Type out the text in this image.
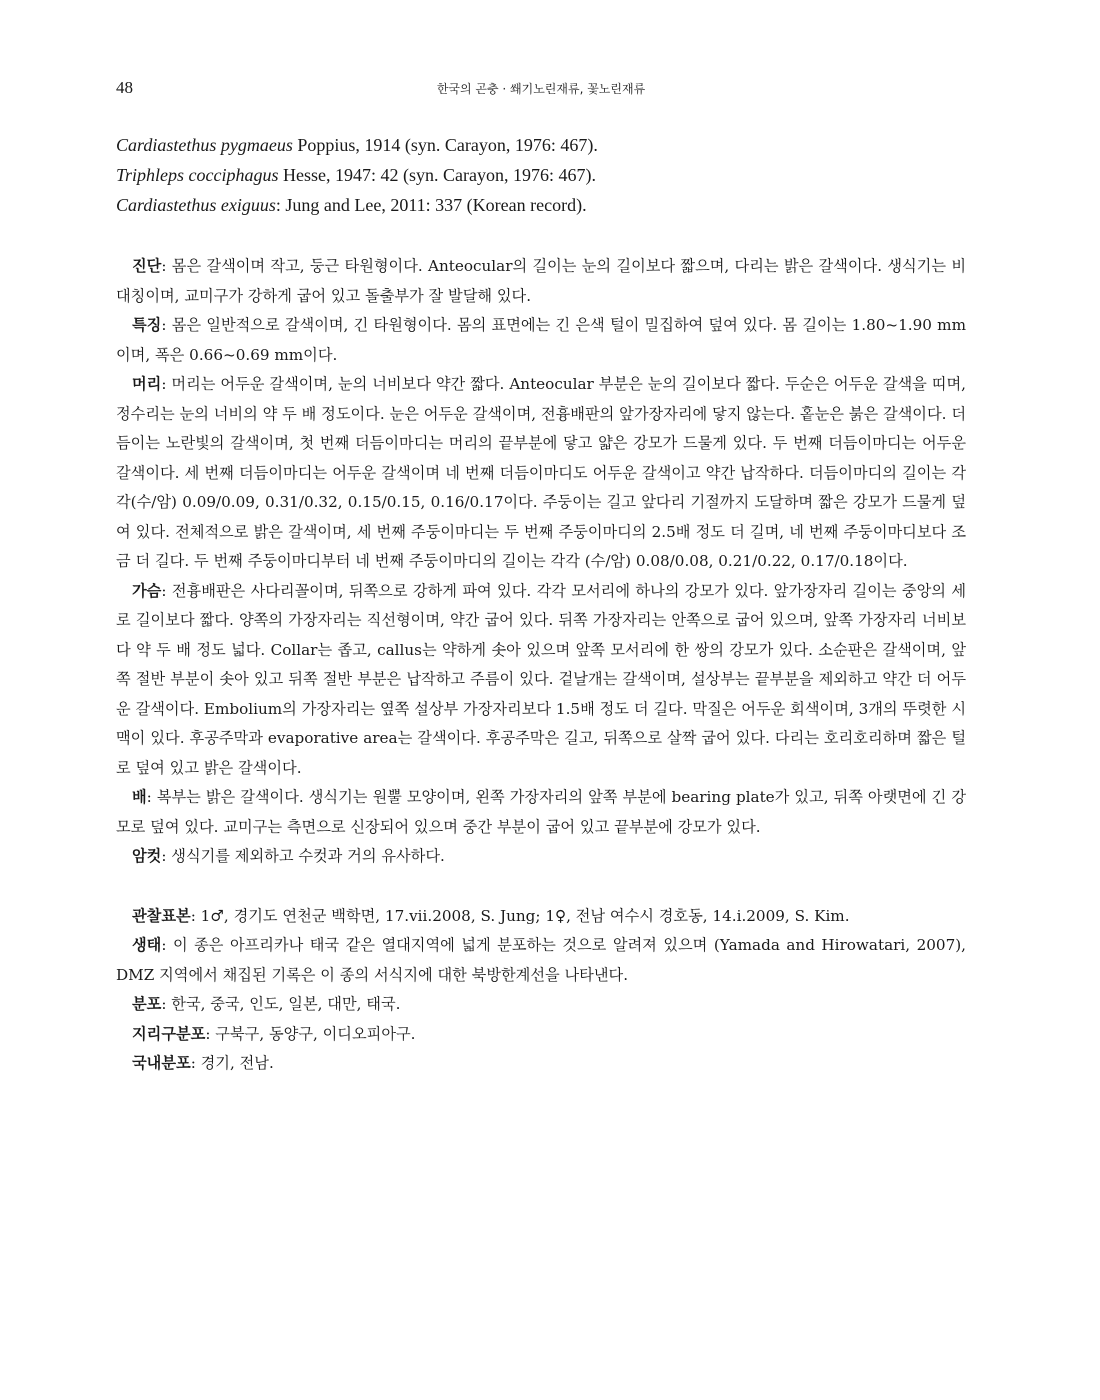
48	한국의 곤충 · 쐐기노린재류, 꽃노린재류
Cardiastethus pygmaeus Poppius, 1914 (syn. Carayon, 1976: 467).
Triphleps cocciphagus Hesse, 1947: 42 (syn. Carayon, 1976: 467).
Cardiastethus exiguus: Jung and Lee, 2011: 337 (Korean record).

진단: 몸은 갈색이며 작고, 둥근 타원형이다. Anteocular의 길이는 눈의 길이보다 짧으며, 다리는 밝은 갈색이다. 생식기는 비대칭이며, 교미구가 강하게 굽어 있고 돌출부가 잘 발달해 있다.

특징: 몸은 일반적으로 갈색이며, 긴 타원형이다. 몸의 표면에는 긴 은색 털이 밀집하여 덮여 있다. 몸 길이는 1.80~1.90 mm이며, 폭은 0.66~0.69 mm이다.

머리: 머리는 어두운 갈색이며, 눈의 너비보다 약간 짧다. Anteocular 부분은 눈의 길이보다 짧다. 두순은 어두운 갈색을 띠며, 정수리는 눈의 너비의 약 두 배 정도이다. 눈은 어두운 갈색이며, 전흉배판의 앞가장자리에 닿지 않는다. 홑눈은 붉은 갈색이다. 더듬이는 노란빛의 갈색이며, 첫 번째 더듬이마디는 머리의 끝부분에 닿고 얇은 강모가 드물게 있다. 두 번째 더듬이마디는 어두운 갈색이다. 세 번째 더듬이마디는 어두운 갈색이며 네 번째 더듬이마디도 어두운 갈색이고 약간 납작하다. 더듬이마디의 길이는 각각(수/암) 0.09/0.09, 0.31/0.32, 0.15/0.15, 0.16/0.17이다. 주둥이는 길고 앞다리 기절까지 도달하며 짧은 강모가 드물게 덮여 있다. 전체적으로 밝은 갈색이며, 세 번째 주둥이마디는 두 번째 주둥이마디의 2.5배 정도 더 길며, 네 번째 주둥이마디보다 조금 더 길다. 두 번째 주둥이마디부터 네 번째 주둥이마디의 길이는 각각 (수/암) 0.08/0.08, 0.21/0.22, 0.17/0.18이다.

가슴: 전흉배판은 사다리꼴이며, 뒤쪽으로 강하게 파여 있다. 각각 모서리에 하나의 강모가 있다. 앞가장자리 길이는 중앙의 세로 길이보다 짧다. 양쪽의 가장자리는 직선형이며, 약간 굽어 있다. 뒤쪽 가장자리는 안쪽으로 굽어 있으며, 앞쪽 가장자리 너비보다 약 두 배 정도 넓다. Collar는 좁고, callus는 약하게 솟아 있으며 앞쪽 모서리에 한 쌍의 강모가 있다. 소순판은 갈색이며, 앞쪽 절반 부분이 솟아 있고 뒤쪽 절반 부분은 납작하고 주름이 있다. 겉날개는 갈색이며, 설상부는 끝부분을 제외하고 약간 더 어두운 갈색이다. Embolium의 가장자리는 옆쪽 설상부 가장자리보다 1.5배 정도 더 길다. 막질은 어두운 회색이며, 3개의 뚜렷한 시맥이 있다. 후공주막과 evaporative area는 갈색이다. 후공주막은 길고, 뒤쪽으로 살짝 굽어 있다. 다리는 호리호리하며 짧은 털로 덮여 있고 밝은 갈색이다.

배: 복부는 밝은 갈색이다. 생식기는 원뿔 모양이며, 왼쪽 가장자리의 앞쪽 부분에 bearing plate가 있고, 뒤쪽 아랫면에 긴 강모로 덮여 있다. 교미구는 측면으로 신장되어 있으며 중간 부분이 굽어 있고 끝부분에 강모가 있다.

암컷: 생식기를 제외하고 수컷과 거의 유사하다.

관찰표본: 1♂, 경기도 연천군 백학면, 17.vii.2008, S. Jung; 1♀, 전남 여수시 경호동, 14.i.2009, S. Kim.

생태: 이 종은 아프리카나 태국 같은 열대지역에 넓게 분포하는 것으로 알려져 있으며 (Yamada and Hirowatari, 2007), DMZ 지역에서 채집된 기록은 이 종의 서식지에 대한 북방한계선을 나타낸다.

분포: 한국, 중국, 인도, 일본, 대만, 태국.

지리구분포: 구북구, 동양구, 이디오피아구.

국내분포: 경기, 전남.
